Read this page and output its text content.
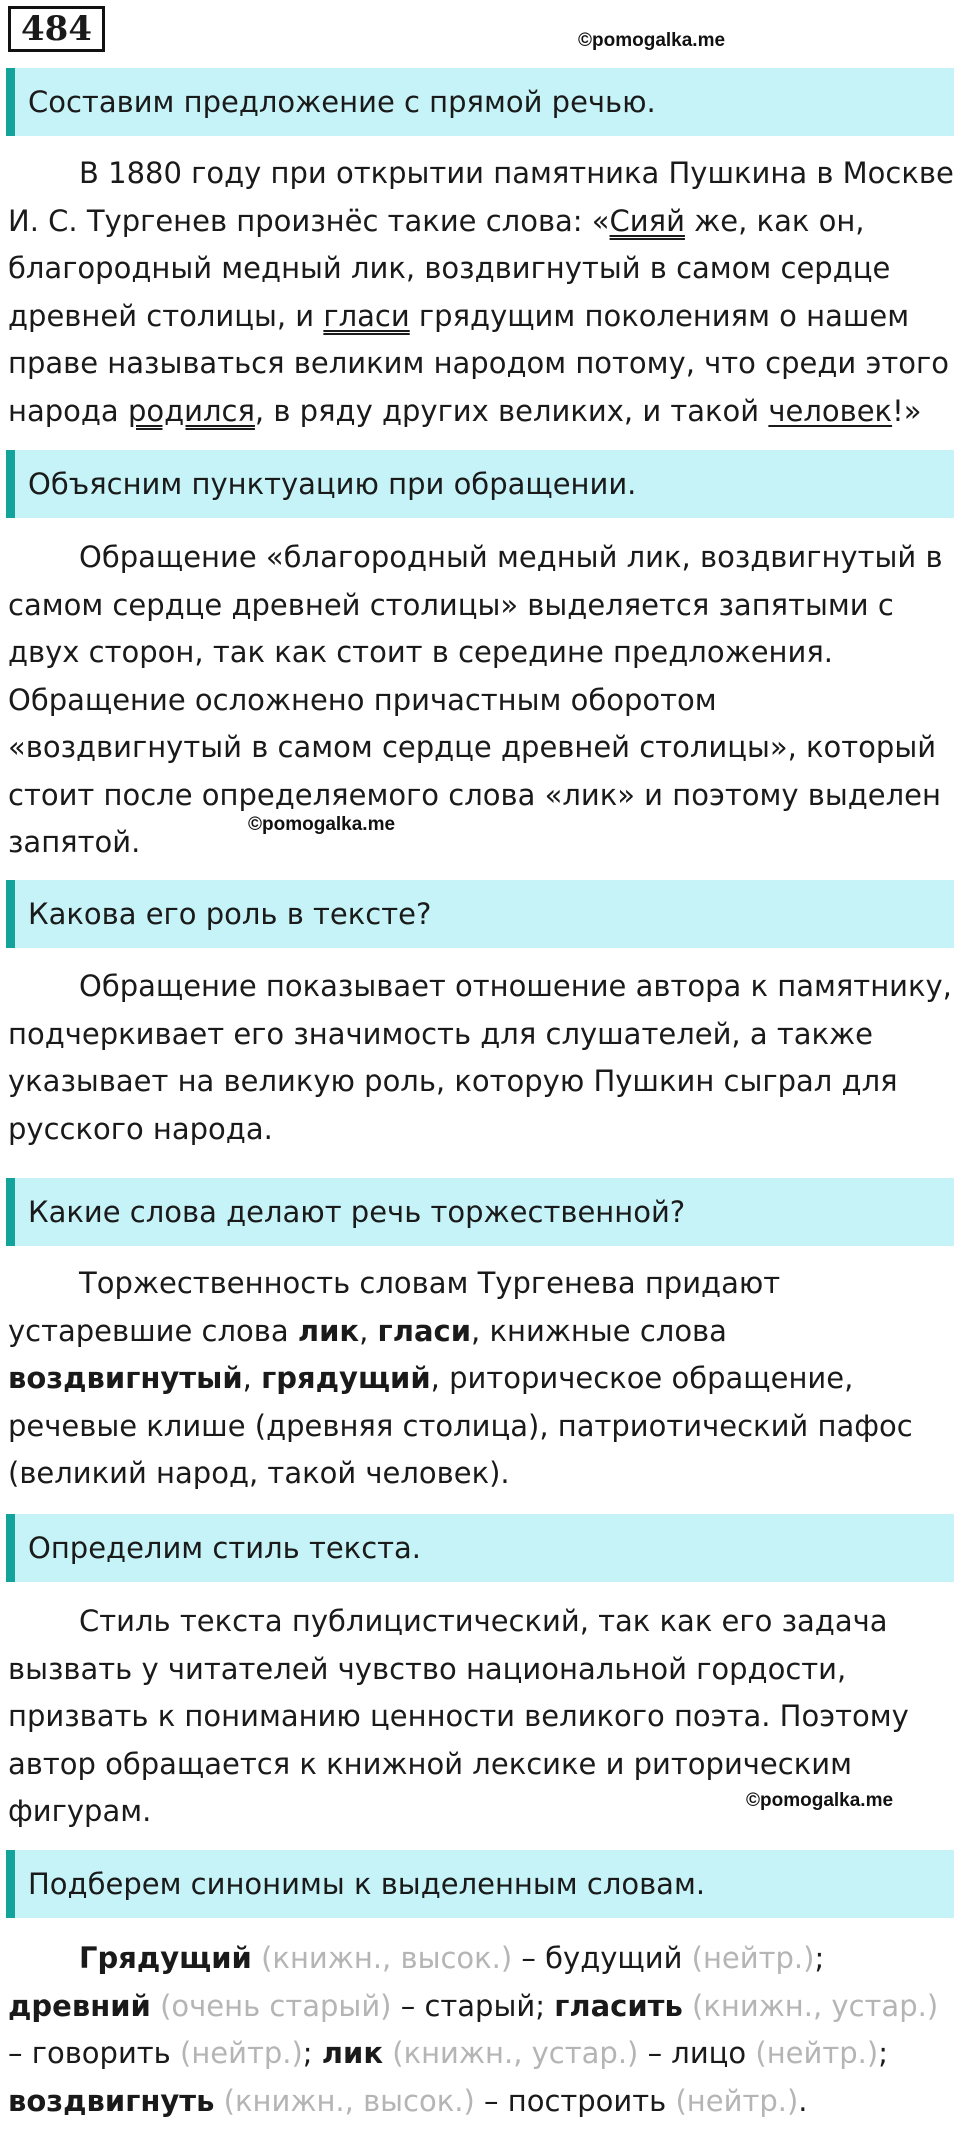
484	©pomogalka.me
©pomogalka.me
©pomogalka.me
Составим предложение с прямой речью.

В 1880 году при открытии памятника Пушкина в Москве И. С. Тургенев произнёс такие слова: «Сияй же, как он, благородный медный лик, воздвигнутый в самом сердце древней столицы, и гласи грядущим поколениям о нашем праве называться великим народом потому, что среди этого народа родился, в ряду других великих, и такой человек!»

Объясним пунктуацию при обращении.

Обращение «благородный медный лик, воздвигнутый в самом сердце древней столицы» выделяется запятыми с двух сторон, так как стоит в середине предложения. Обращение осложнено причастным оборотом «воздвигнутый в самом сердце древней столицы», который стоит после определяемого слова «лик» и поэтому выделен запятой.

Какова его роль в тексте?

Обращение показывает отношение автора к памятнику, подчеркивает его значимость для слушателей, а также указывает на великую роль, которую Пушкин сыграл для русского народа.

Какие слова делают речь торжественной?

Торжественность словам Тургенева придают устаревшие слова лик, гласи, книжные слова воздвигнутый, грядущий, риторическое обращение, речевые клише (древняя столица), патриотический пафос (великий народ, такой человек).

Определим стиль текста.

Стиль текста публицистический, так как его задача вызвать у читателей чувство национальной гордости, призвать к пониманию ценности великого поэта. Поэтому автор обращается к книжной лексике и риторическим фигурам.

Подберем синонимы к выделенным словам.

Грядущий (книжн., высок.) – будущий (нейтр.); древний (очень старый) – старый; гласить (книжн., устар.) – говорить (нейтр.); лик (книжн., устар.) – лицо (нейтр.); воздвигнуть (книжн., высок.) – построить (нейтр.).
